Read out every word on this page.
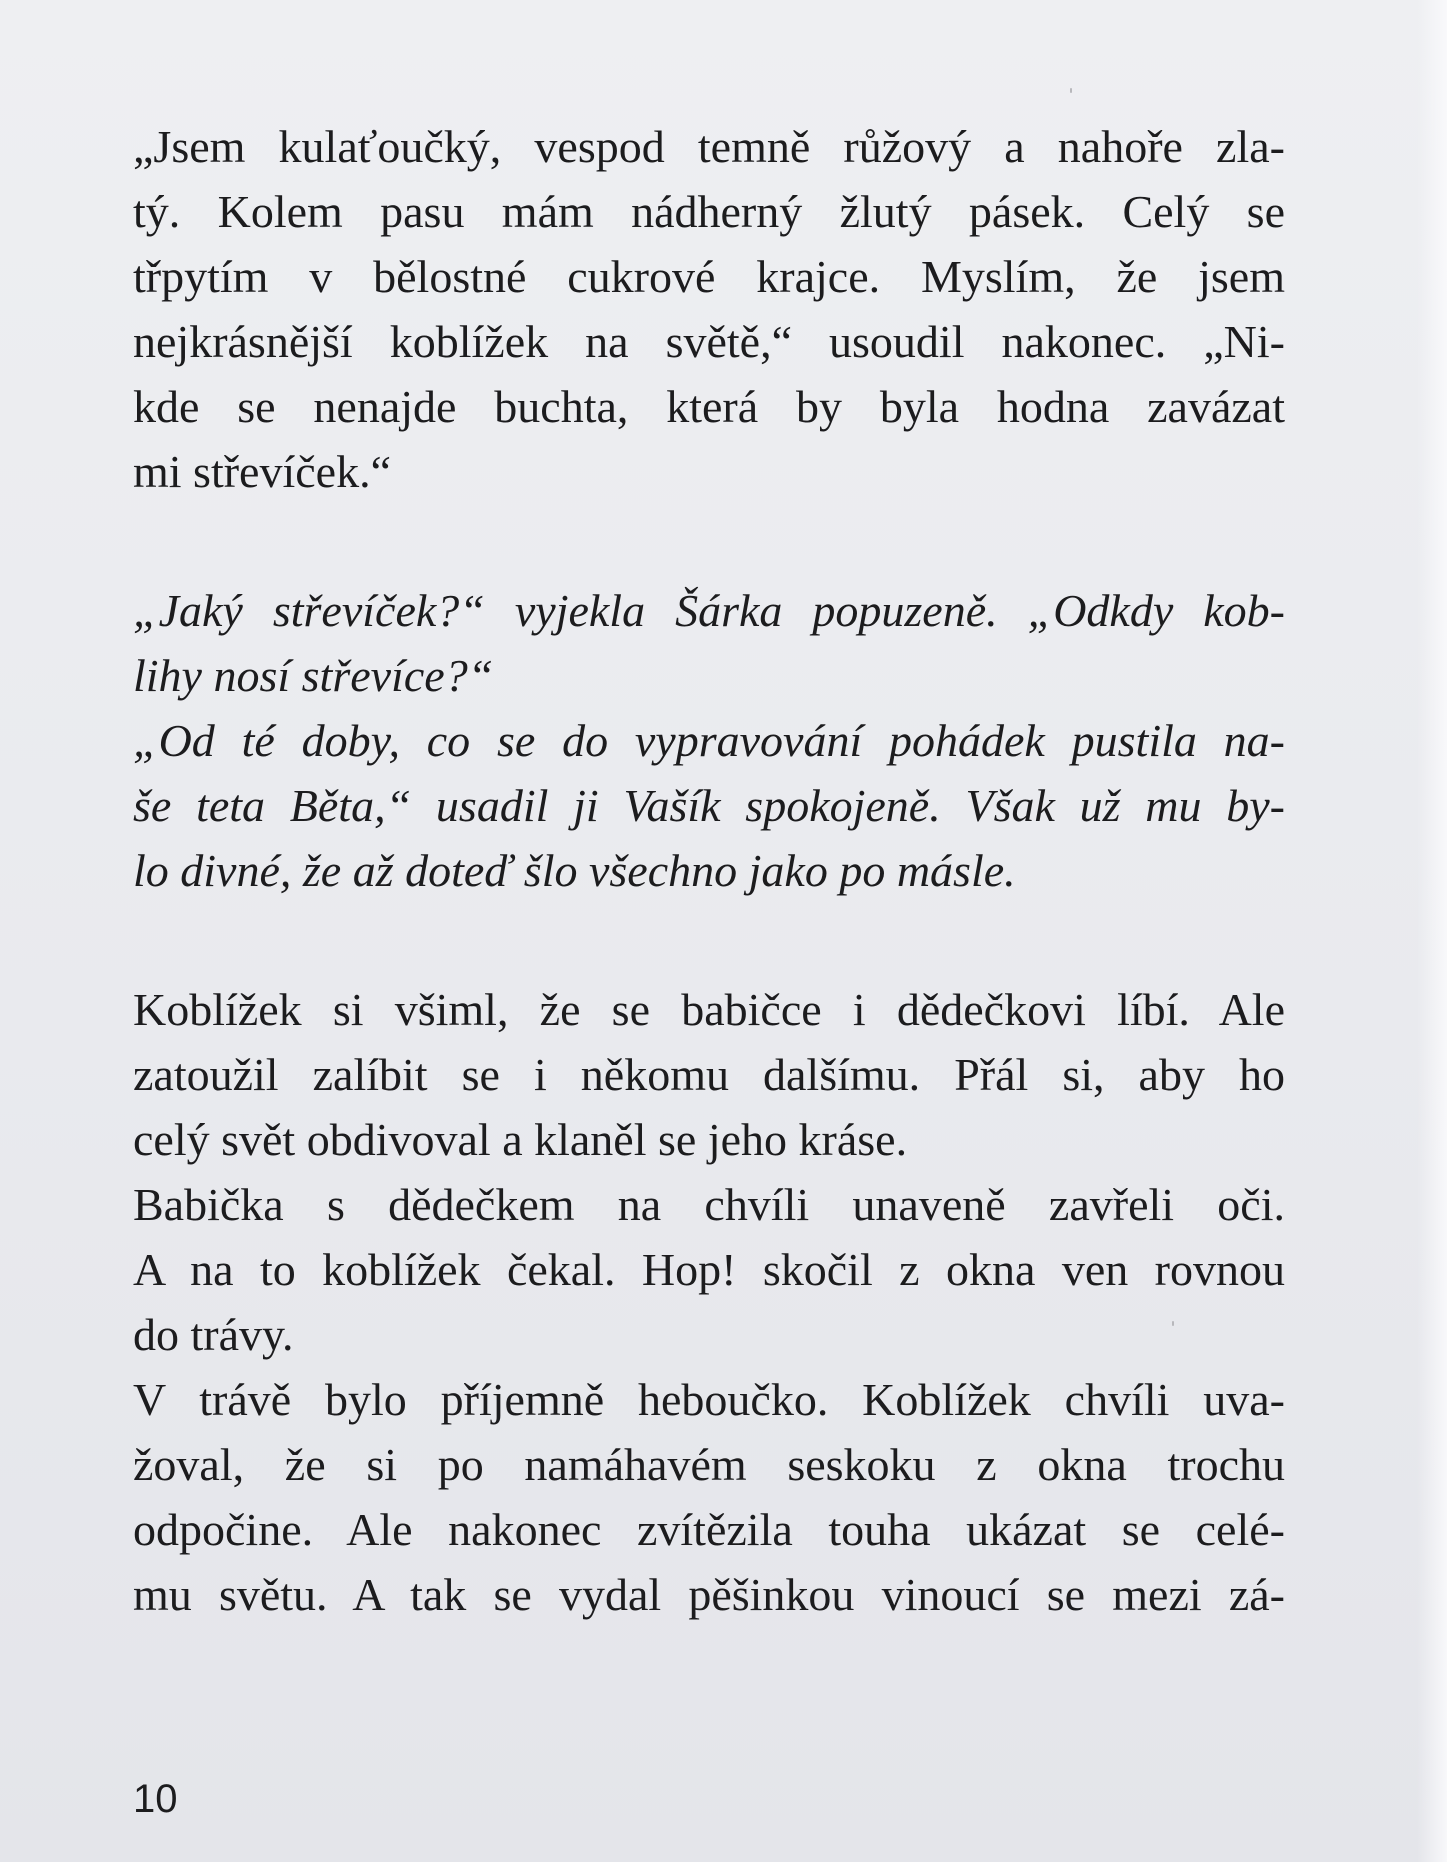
„Jsem kulaťoučký, vespod temně růžový a nahoře zla-
tý. Kolem pasu mám nádherný žlutý pásek. Celý se
třpytím v bělostné cukrové krajce. Myslím, že jsem
nejkrásnější koblížek na světě,“ usoudil nakonec. „Ni-
kde se nenajde buchta, která by byla hodna zavázat
mi střevíček.“
„Jaký střevíček?“ vyjekla Šárka popuzeně. „Odkdy kob-
lihy nosí střevíce?“
„Od té doby, co se do vypravování pohádek pustila na-
še teta Běta,“ usadil ji Vašík spokojeně. Však už mu by-
lo divné, že až doteď šlo všechno jako po másle.
Koblížek si všiml, že se babičce i dědečkovi líbí. Ale
zatoužil zalíbit se i někomu dalšímu. Přál si, aby ho
celý svět obdivoval a klaněl se jeho kráse.
Babička s dědečkem na chvíli unaveně zavřeli oči.
A na to koblížek čekal. Hop! skočil z okna ven rovnou
do trávy.
V trávě bylo příjemně heboučko. Koblížek chvíli uva-
žoval, že si po namáhavém seskoku z okna trochu
odpočine. Ale nakonec zvítězila touha ukázat se celé-
mu světu. A tak se vydal pěšinkou vinoucí se mezi zá-
10
